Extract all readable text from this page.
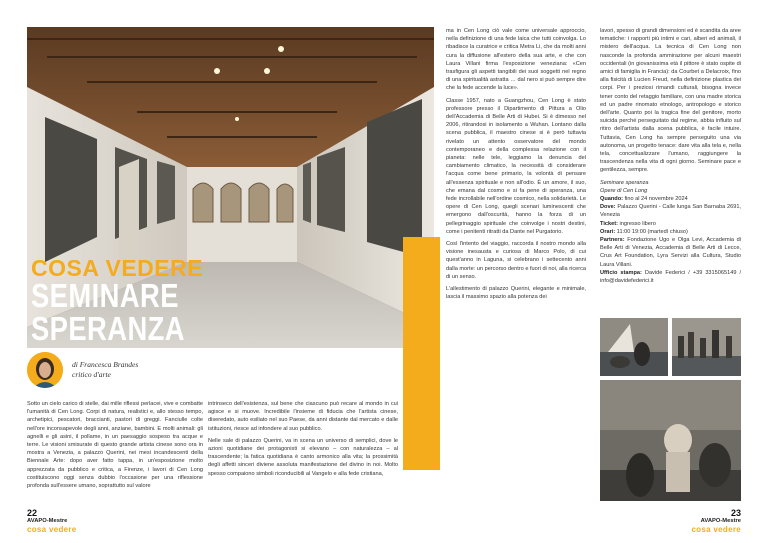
COSA VEDERE
SEMINARE
SPERANZA
di Francesca Brandes
critico d'arte

Sotto un cielo carico di stelle, dai mille riflessi perlacei, vive e combatte l'umanità di Cen Long. Corpi di natura, realistici e, allo stesso tempo, archetipici, pescatori, braccianti, pastori di greggi. Fanciulle colte nell'ore inconsapevole degli anni, anziane, bambini. E molti animali: gli agnelli e gli asini, il pollame, in un paesaggio sospeso tra acque e terre. Le visioni smisurate di questo grande artista cinese sono ora in mostra a Venezia, a palazzo Querini, nei mesi incandescenti della Biennale Arte: dopo aver fatto tappa, in un'esposizione molto apprezzata da pubblico e critica, a Firenze, i lavori di Cen Long costituiscono oggi senza dubbio l'occasione per una riflessione profonda sull'essere umano, soprattutto sul valore

intrinseco dell'esistenza, sul bene che ciascuno può recare al mondo in cui agisce e si muove. Incredibile l'insieme di fiducia che l'artista cinese, diseredato, auto esiliato nel suo Paese, da anni distante dal mercato e dalle istituzioni, riesce ad infondere al suo pubblico.

Nelle sale di palazzo Querini, va in scena un universo di semplici, dove le azioni quotidiane dei protagonisti si elevano – con naturalezza – al trascendente; la fatica quotidiana è canto armonico alla vita; la prossimità degli affetti sinceri diviene assoluta manifestazione del divino in noi. Molto spesso compaiono simboli riconducibili al Vangelo e alla fede cristiana,

ma in Cen Long ciò vale come universale approccio, nella definizione di una fede laica che tutti coinvolga. Lo ribadisce la curatrice e critica Metra Li, che da molti anni cura la diffusione all'estero della sua arte, e che con Laura Villani firma l'esposizione veneziana: «Cen trasfigura gli aspetti tangibili dei suoi soggetti nel regno di una spiritualità astratta … dal nero si può sempre dire che la fede accende la luce».

Classe 1957, nato a Guangzhou, Cen Long è stato professore presso il Dipartimento di Pittura a Olio dell'Accademia di Belle Arti di Hubei. Si è dimesso nel 2006, ritirandosi in isolamento a Wuhan. Lontano dalla scena pubblica, il maestro cinese si è però tuttavia rivelato un attento osservatore del mondo contemporaneo e della complessa relazione con il pianeta: nelle tele, leggiamo la denuncia del cambiamento climatico, la necessità di considerare l'acqua come bene primario, la volontà di pensare all'essenza spirituale e non all'odio. È un amore, il suo, che emana dal cosmo e si fa pene di speranza, una fede incrollabile nell'ordine cosmico, nella solidarietà. Le opere di Cen Long, quegli scenari luminescenti che emergono dall'oscurità, hanno la forza di un pellegrinaggio spirituale che coinvolge i nostri destini, come i penitenti ritratti da Dante nel Purgatorio.

Così l'intento del viaggio, raccorda il nostro mondo alla visione inesausta e curiosa di Marco Polo, di cui quest'anno in Laguna, si celebrano i settecento anni dalla morte: un percorso dentro e fuori di noi, alla ricerca di un senso.

L'allestimento di palazzo Querini, elegante e minimale, lascia il massimo spazio alla potenza dei

lavori, spesso di grandi dimensioni ed è scandita da aree tematiche: i rapporti più intimi e cari, alberi ed animali, il mistero dell'acqua. La tecnica di Cen Long non nasconde la profonda ammirazione per alcuni maestri occidentali (in giovanissima età il pittore è stato ospite di amici di famiglia in Francia): da Courbet a Delacroix, fino alla fisicità di Lucien Freud, nella definizione plastica dei corpi. Per i preziosi rimandi culturali, bisogna invece tener conto del retaggio familiare, con una madre storica ed un padre rinomato etnologo, antropologo e storico dell'arte. Quanto poi la tragica fine del genitore, morto suicida perché perseguitato dal regime, abbia influito sul ritiro dell'artista dalla scena pubblica, è facile intuire. Tuttavia, Cen Long ha sempre perseguito una via autonoma, un progetto tenace: dare vita alla tela e, nella tela, concettualizzare l'umano, raggiungere la trascendenza nella vita di ogni giorno. Seminare pace e gentilezza, sempre.

Seminare speranza
Opere di Cen Long
Quando: fino al 24 novembre 2024
Dove: Palazzo Querini - Calle lunga San Barnaba 2691, Venezia
Ticket: ingresso libero
Orari: 11:00 19:00 (martedì chiuso)
Partners: Fondazione Ugo e Olga Levi, Accademia di Belle Arti di Venezia, Accademia di Belle Arti di Lecce, Crus Art Foundation, Lyra Servizi alla Cultura, Studio Laura Villani.
Ufficio stampa: Davide Federici / +39 3315065149 / info@davidefederici.it
22
AVAPO-Mestre
cosa vedere
23
AVAPO-Mestre
cosa vedere
